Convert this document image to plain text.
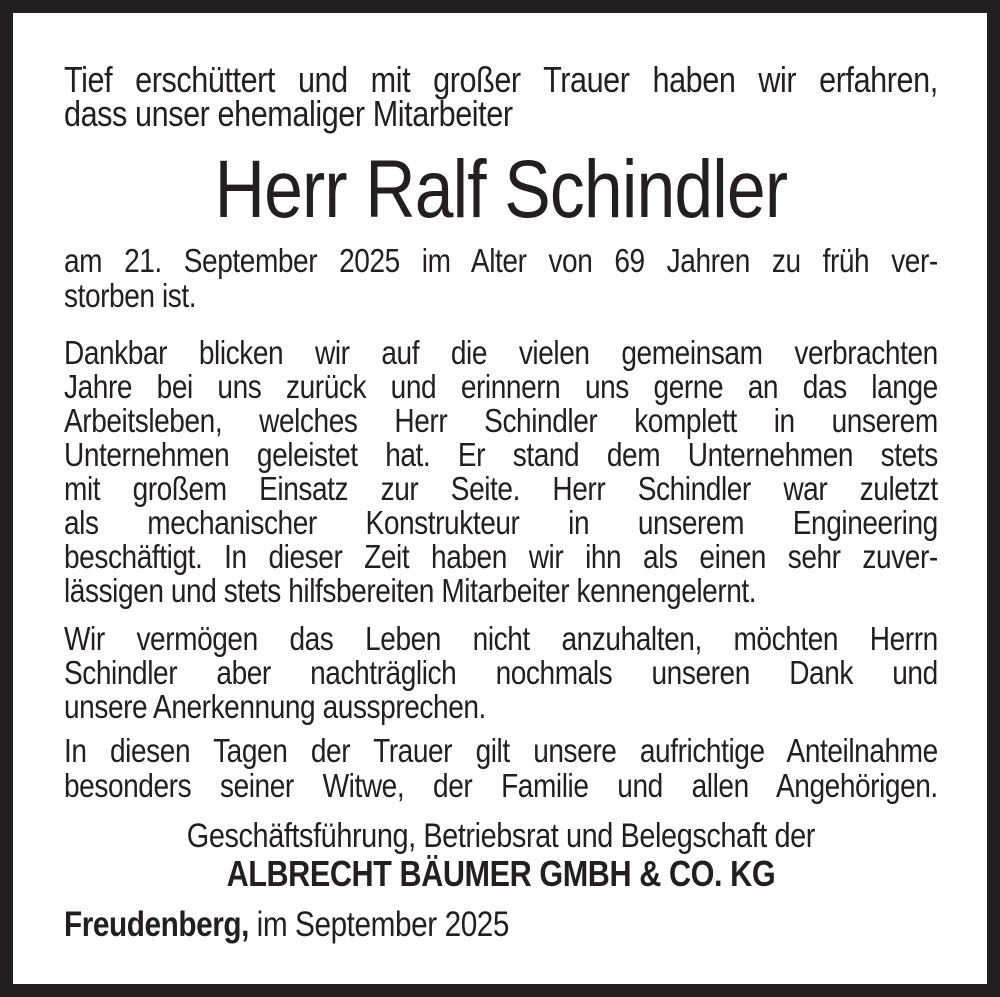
Tief erschüttert und mit großer Trauer haben wir erfahren,
dass unser ehemaliger Mitarbeiter

Herr Ralf Schindler

am 21. September 2025 im Alter von 69 Jahren zu früh ver-
storben ist.

Dankbar blicken wir auf die vielen gemeinsam verbrachten
Jahre bei uns zurück und erinnern uns gerne an das lange
Arbeitsleben, welches Herr Schindler komplett in unserem
Unternehmen geleistet hat. Er stand dem Unternehmen stets
mit großem Einsatz zur Seite. Herr Schindler war zuletzt
als mechanischer Konstrukteur in unserem Engineering
beschäftigt. In dieser Zeit haben wir ihn als einen sehr zuver-
lässigen und stets hilfsbereiten Mitarbeiter kennengelernt.

Wir vermögen das Leben nicht anzuhalten, möchten Herrn
Schindler aber nachträglich nochmals unseren Dank und
unsere Anerkennung aussprechen.

In diesen Tagen der Trauer gilt unsere aufrichtige Anteilnahme
besonders seiner Witwe, der Familie und allen Angehörigen.

Geschäftsführung, Betriebsrat und Belegschaft der

ALBRECHT BÄUMER GMBH & CO. KG

Freudenberg, im September 2025
